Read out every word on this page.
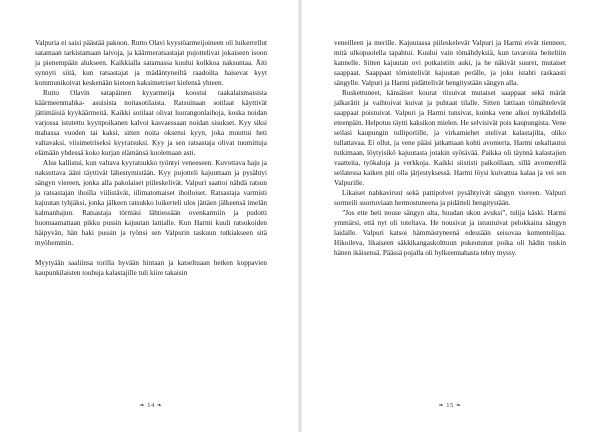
Valpuria ei saisi päästää pakoon. Rutto Olavi kyystöarmeijoineen oli luikerrellut satamaan tarkistamaan laivoja, ja käärmeratsastajat pujottelivat jokaiseen isoon ja pienempään alukseen. Kaikkialla satamassa kuului kolkkoa naksuntaa. Äiti synnyti siitä, kun ratsastajat ja mädäntyneiltä raadoilta haisevat kyyt kommunikoivat keskenään kietoen kaksimetriset kielensä yhteen.

Rutto Olavin satapäinen kyyarmeija koostui raakalaismaisista käärmeenmahka- asuisista noitasotilaista. Ratsuinaan sotilaat käyttivät jättimäisiä kyykäärmeitä. Kaikki sotilaat olivat luurangonlaihoja, koska noidan varjossa istutettu kyynpoikanen kalvoi kasvaessaan noidan sisukset. Kyy siksi mahassa vuoden tai kaksi, sitten noita oksensi kyyn, joka muuttui heti valtavaksi, viisimetriseksi kyyratsuksi. Kyy ja sen ratsastaja olivat tuomittuja elämään yhdessä koko kurjan elämänsä kuolemaan asti.

Alus kallistui, kun valtava kyyratsukko työntyi veneeseen. Kuvottava haju ja naksuttava ääni täyttivät lähestymistään. Kyy pujotteli kajuuttaan ja pysähtyi sängyn viereen, jonka alla pakolaiset piileskelivät. Valpuri saattoi nähdä ratsun ja ratsastajan ihoilla viilistävät, iilimatomaiset ihoiloiset. Ratsastaja varmisti kajuutan tyhjäksi, jonka jälkeen ratsukko luikerteli ulos jättäen jälkeensä imelän kalmanhajun. Ratsastaja törmäsi lähtiessään ovenkarmiin ja pudotti huomaamattaan pikku pussin kajuutan lattialle. Kun Harmi kuuli ratsukoiden häipyvän, hän haki pussin ja työnsi sen Valpurin taskuun tutkiakseen sitä myöhemmin.

Myytyään saaliinsa torilla hyvään hintaan ja katseltuaan hetken koppavien kaupunkilaisten touhuja kalastajille tuli kiire takaisin

❧ 14 ❧

veneilleen ja merille. Kajuutassa piileskelevät Valpuri ja Harmi eivät tienneet, mitä ulkopuolella tapahtui. Kuului vain tömähdyksiä, kun tavaroita heiteltiin kannelle. Sitten kajuutan ovi potkaistiin auki, ja he näkivät suuret, mutaiset saappaat. Saappaat tömistelivät kajuutan perälle, ja joku istahti raskaasti sängylle. Valpuri ja Harmi pidättelivät hengitystään sängyn alla.

Ruskettuneet, känsäiset kourat riisuivat mutaiset saappaat sekä märät jalkarätit ja vaihtoivat kuivat ja puhtaat tilalle. Sitten lattiaan tömähtelevät saappaat poistuivat. Valpuri ja Harmi tunsivat, kuinka vene alkoi nytkähdellä eteenpäin. Helpotus täytti kaksikon mielen. He selvisivät pois kaupungista. Vene seilasi kaupungin tulliportille, ja virkamiehet utelivat kalastajilta, oliko tullattavaa. Ei ollut, ja vene pääsi jatkamaan kohti avomerta. Harmi uskaltautui tutkimaan, löytyisikö kajuutasta jotakin syötävää. Paikka oli täynnä kalastajien vaatteita, työkaluja ja verkkoja. Kaikki siististi paikoillaan, sillä avomerellä seilatessa kaiken piti olla järjestyksessä. Harmi löysi kuivattua kalaa ja vei sen Valpurille.

Likaiset nahkavirsut sekä pattipolvet pysähtyivät sängyn viereen. Valpuri sormeili suortuviaan hermostuneena ja pidätteli hengitystään.

”Jos ette heti nouse sängyn alta, huudan ukon avuksi”, tulija käski. Harmi ymmärsi, että nyt oli toteltava. He nousivat ja istuutuivat pelokkaina sängyn laidalle. Valpuri katsoi hämmästyneenä edessään seisovaa komentelijaa. Hikoileva, likaiseen säkkikangaskolttuun pukeutunut poika oli hädin tuskin hänen ikäisensä. Päässä pojalla oli hylkeennahasta tehty myssy.

❧ 15 ❧
